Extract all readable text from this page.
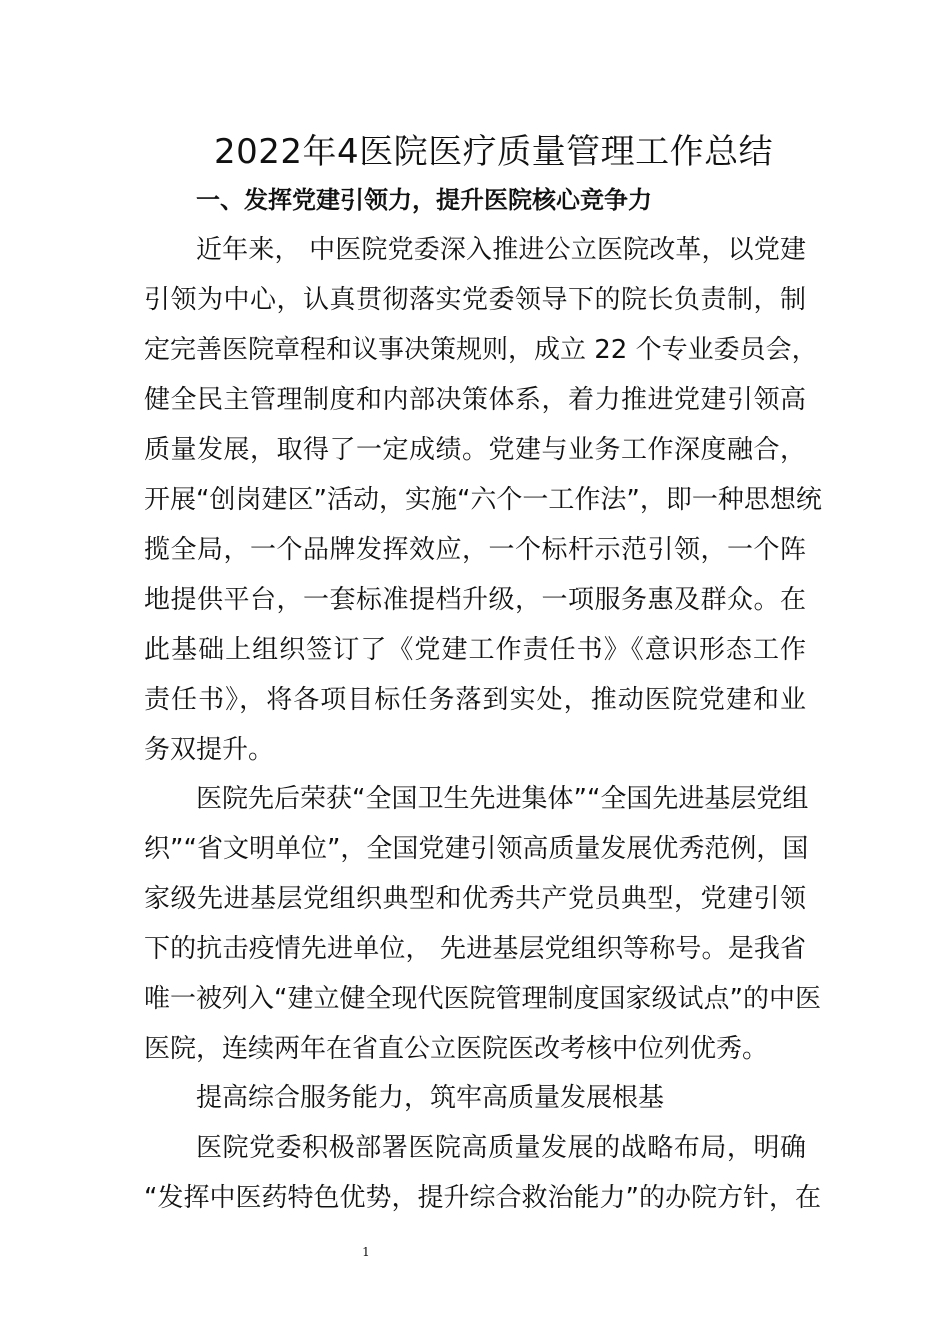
2022年4医院医疗质量管理工作总结
一、发挥党建引领力，提升医院核心竞争力
近年来， 中医院党委深入推进公立医院改革，以党建
引领为中心，认真贯彻落实党委领导下的院长负责制，制
定完善医院章程和议事决策规则，成立 22 个专业委员会，
健全民主管理制度和内部决策体系，着力推进党建引领高
质量发展，取得了一定成绩。党建与业务工作深度融合，
开展“创岗建区”活动，实施“六个一工作法”，即一种思想统
揽全局，一个品牌发挥效应，一个标杆示范引领，一个阵
地提供平台，一套标准提档升级，一项服务惠及群众。在
此基础上组织签订了《党建工作责任书》《意识形态工作
责任书》，将各项目标任务落到实处，推动医院党建和业
务双提升。
医院先后荣获“全国卫生先进集体”“全国先进基层党组
织”“省文明单位”，全国党建引领高质量发展优秀范例，国
家级先进基层党组织典型和优秀共产党员典型，党建引领
下的抗击疫情先进单位， 先进基层党组织等称号。是我省
唯一被列入“建立健全现代医院管理制度国家级试点”的中医
医院，连续两年在省直公立医院医改考核中位列优秀。
提高综合服务能力，筑牢高质量发展根基
医院党委积极部署医院高质量发展的战略布局，明确
“发挥中医药特色优势，提升综合救治能力”的办院方针，在
1
